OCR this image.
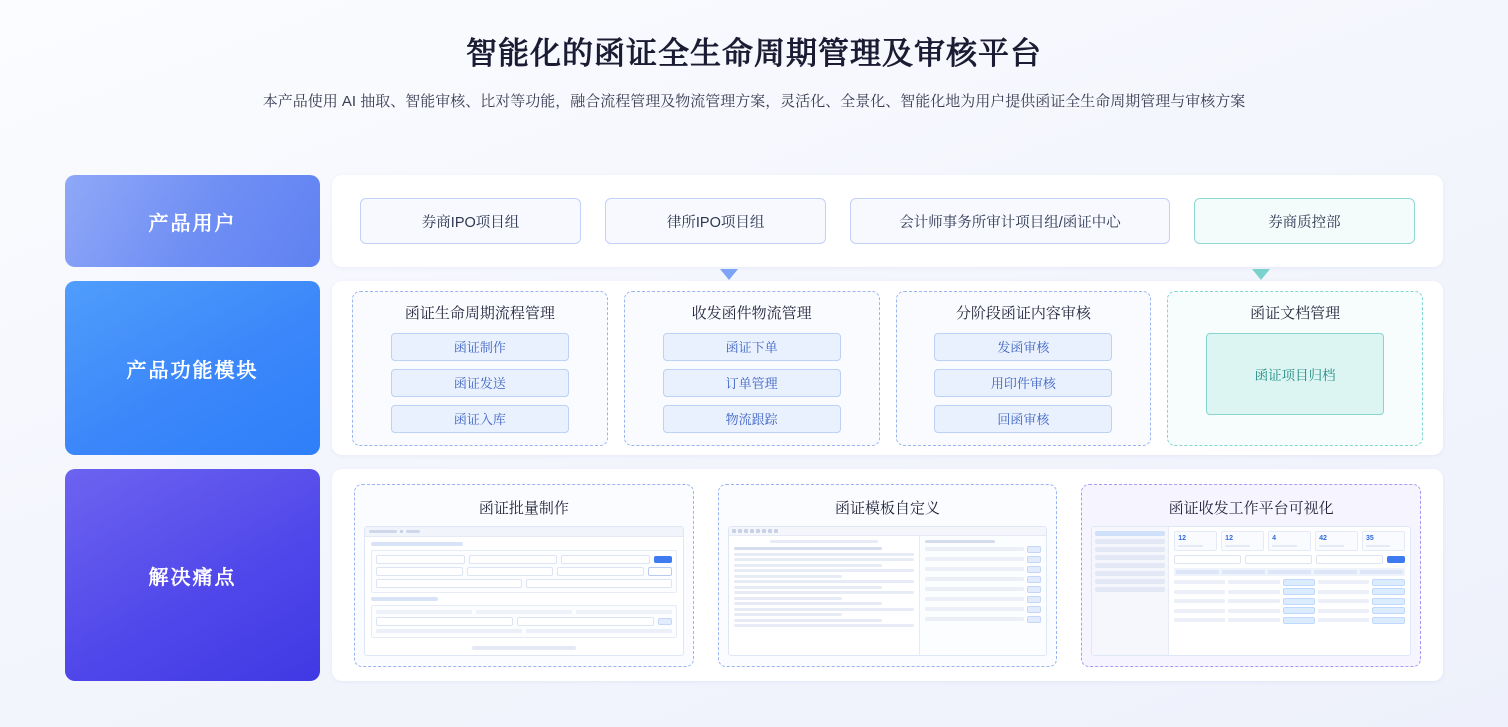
智能化的函证全生命周期管理及审核平台
本产品使用 AI 抽取、智能审核、比对等功能，融合流程管理及物流管理方案，灵活化、全景化、智能化地为用户提供函证全生命周期管理与审核方案
产品用户	券商IPO项目组	律所IPO项目组	会计师事务所审计项目组/函证中心	券商质控部
产品功能模块
函证生命周期流程管理
函证制作
函证发送
函证入库
收发函件物流管理
函证下单
订单管理
物流跟踪
分阶段函证内容审核
发函审核
用印件审核
回函审核
函证文档管理
函证项目归档
解决痛点
函证批量制作	函证模板自定义	函证收发工作平台可视化
12	12	4	42	35
